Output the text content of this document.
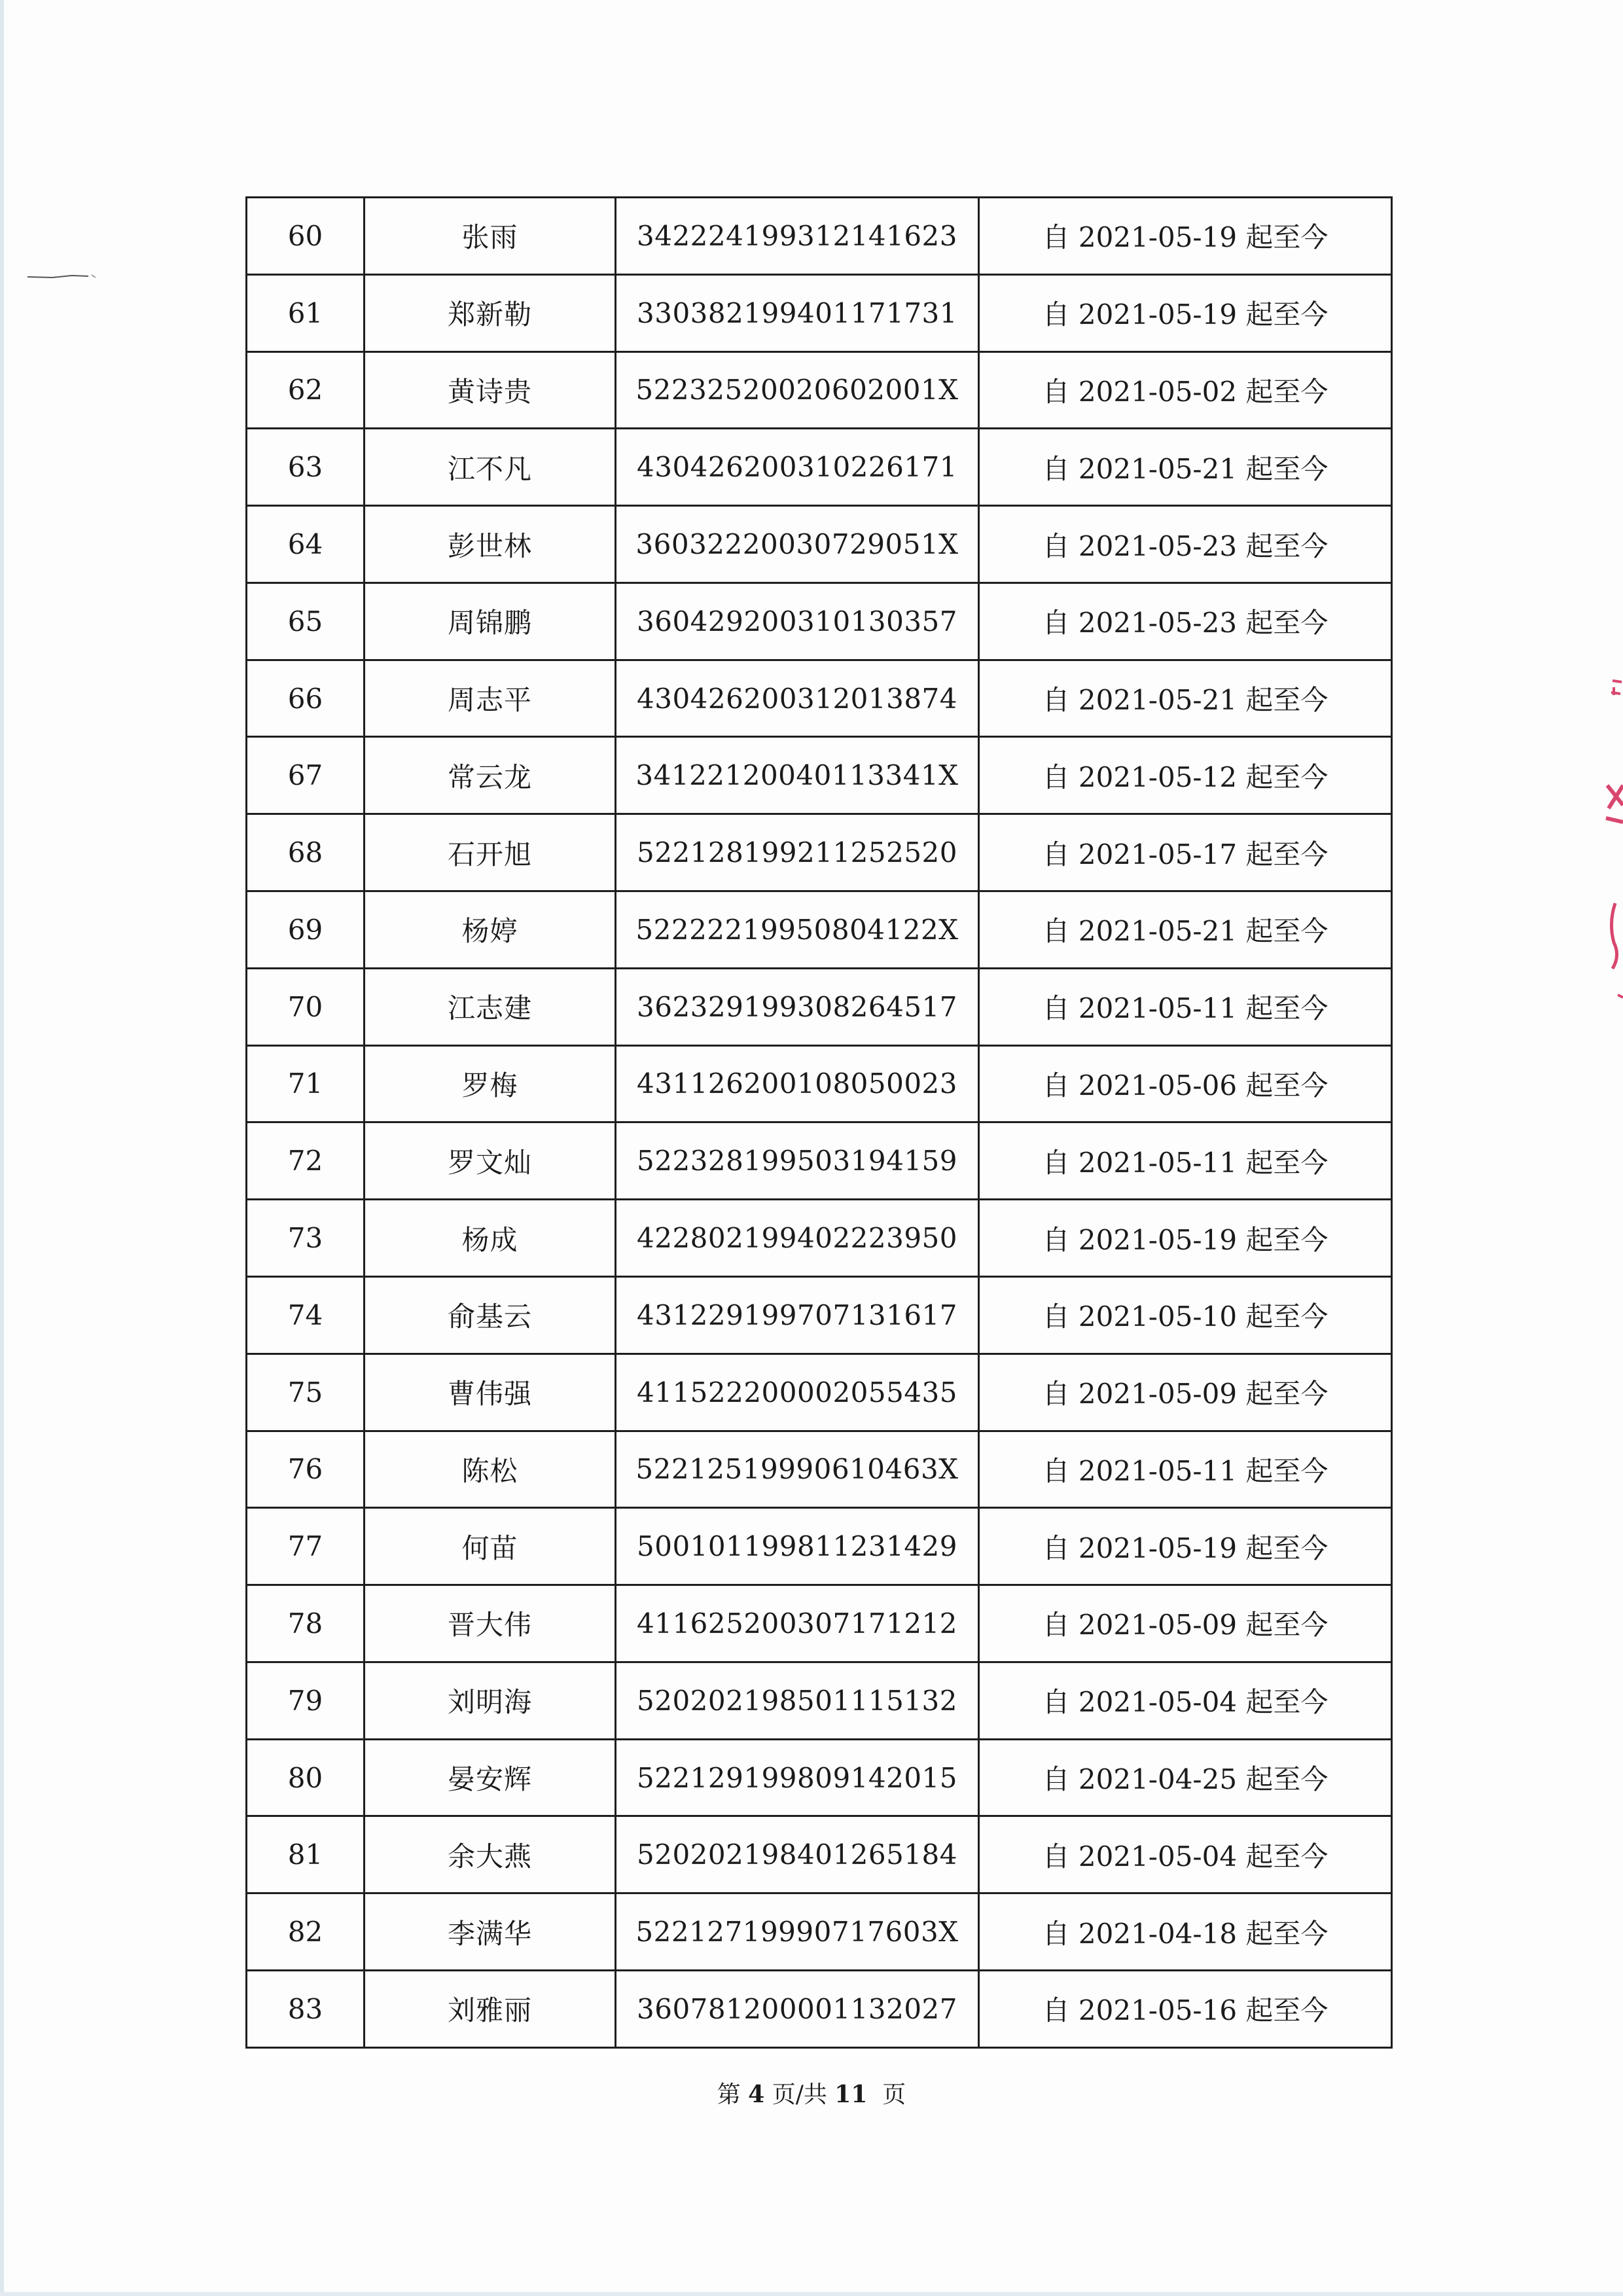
60	张雨	342224199312141623	自 2021-05-19 起至今
61	郑新勒	330382199401171731	自 2021-05-19 起至今
62	黄诗贵	52232520020602001X	自 2021-05-02 起至今
63	江不凡	430426200310226171	自 2021-05-21 起至今
64	彭世林	36032220030729051X	自 2021-05-23 起至今
65	周锦鹏	360429200310130357	自 2021-05-23 起至今
66	周志平	430426200312013874	自 2021-05-21 起至今
67	常云龙	34122120040113341X	自 2021-05-12 起至今
68	石开旭	522128199211252520	自 2021-05-17 起至今
69	杨婷	52222219950804122X	自 2021-05-21 起至今
70	江志建	362329199308264517	自 2021-05-11 起至今
71	罗梅	431126200108050023	自 2021-05-06 起至今
72	罗文灿	522328199503194159	自 2021-05-11 起至今
73	杨成	422802199402223950	自 2021-05-19 起至今
74	俞基云	431229199707131617	自 2021-05-10 起至今
75	曹伟强	411522200002055435	自 2021-05-09 起至今
76	陈松	52212519990610463X	自 2021-05-11 起至今
77	何苗	500101199811231429	自 2021-05-19 起至今
78	晋大伟	411625200307171212	自 2021-05-09 起至今
79	刘明海	520202198501115132	自 2021-05-04 起至今
80	晏安辉	522129199809142015	自 2021-04-25 起至今
81	余大燕	520202198401265184	自 2021-05-04 起至今
82	李满华	52212719990717603X	自 2021-04-18 起至今
83	刘雅丽	360781200001132027	自 2021-05-16 起至今
第 4 页/共 11 页
